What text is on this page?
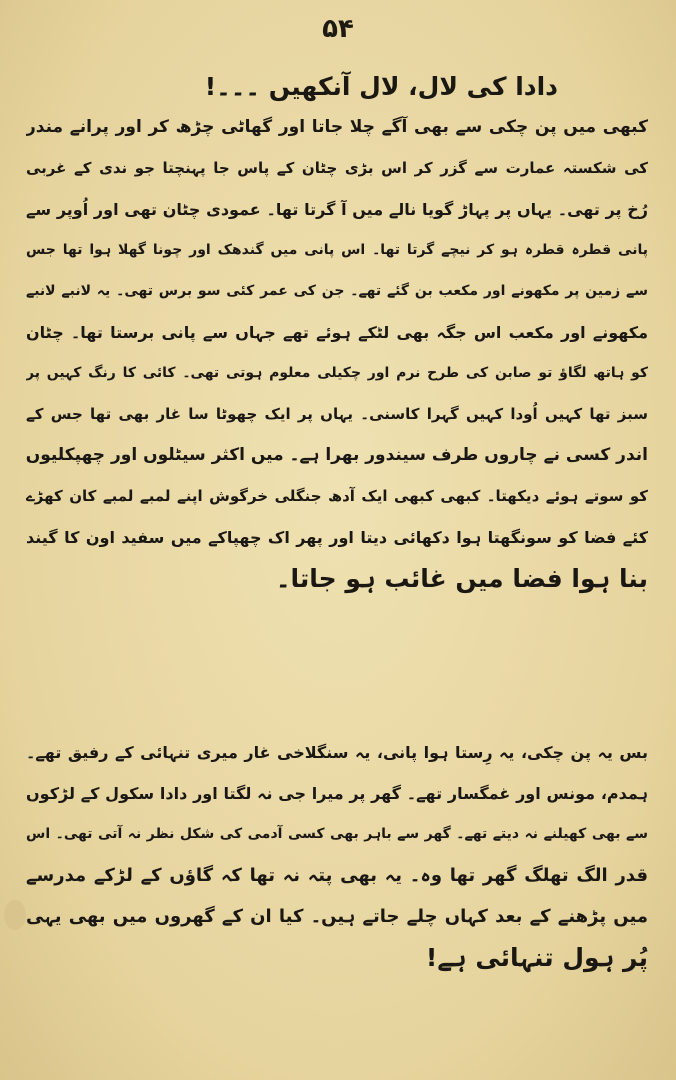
۵۴
دادا کی لال، لال آنکھیں ۔۔۔!
کبھی میں پن چکی سے بھی آگے چلا جاتا اور گھاٹی چڑھ کر اور پرانے مندر
کی شکستہ عمارت سے گزر کر اس بڑی چٹان کے پاس جا پہنچتا جو ندی کے غربی
رُخ پر تھی۔ یہاں پر پہاڑ گویا نالے میں آ گرتا تھا۔ عمودی چٹان تھی اور اُوپر سے
پانی قطرہ قطرہ ہو کر نیچے گرتا تھا۔ اس پانی میں گندھک اور چونا گھلا ہوا تھا جس
سے زمین پر مکھونے اور مکعب بن گئے تھے۔ جن کی عمر کئی سو برس تھی۔ یہ لانبے لانبے
مکھونے اور مکعب اس جگہ بھی لٹکے ہوئے تھے جہاں سے پانی برستا تھا۔ چٹان
کو ہاتھ لگاؤ تو صابن کی طرح نرم اور چکیلی معلوم ہوتی تھی۔ کائی کا رنگ کہیں پر
سبز تھا کہیں اُودا کہیں گہرا کاسنی۔ یہاں پر ایک چھوٹا سا غار بھی تھا جس کے
اندر کسی نے چاروں طرف سیندور بھرا ہے۔ میں اکثر سیٹلوں اور چھپکلیوں
کو سوتے ہوئے دیکھتا۔ کبھی کبھی ایک آدھ جنگلی خرگوش اپنے لمبے لمبے کان کھڑے
کئے فضا کو سونگھتا ہوا دکھائی دیتا اور پھر اک چھپاکے میں سفید اون کا گیند
بنا ہوا فضا میں غائب ہو جاتا۔
بس یہ پن چکی، یہ رِستا ہوا پانی، یہ سنگلاخی غار میری تنہائی کے رفیق تھے۔
ہمدم، مونس اور غمگسار تھے۔ گھر پر میرا جی نہ لگتا اور دادا سکول کے لڑکوں
سے بھی کھیلنے نہ دیتے تھے۔ گھر سے باہر بھی کسی آدمی کی شکل نظر نہ آتی تھی۔ اس
قدر الگ تھلگ گھر تھا وہ۔ یہ بھی پتہ نہ تھا کہ گاؤں کے لڑکے مدرسے
میں پڑھنے کے بعد کہاں چلے جاتے ہیں۔ کیا ان کے گھروں میں بھی یہی
پُر ہول تنہائی ہے!
